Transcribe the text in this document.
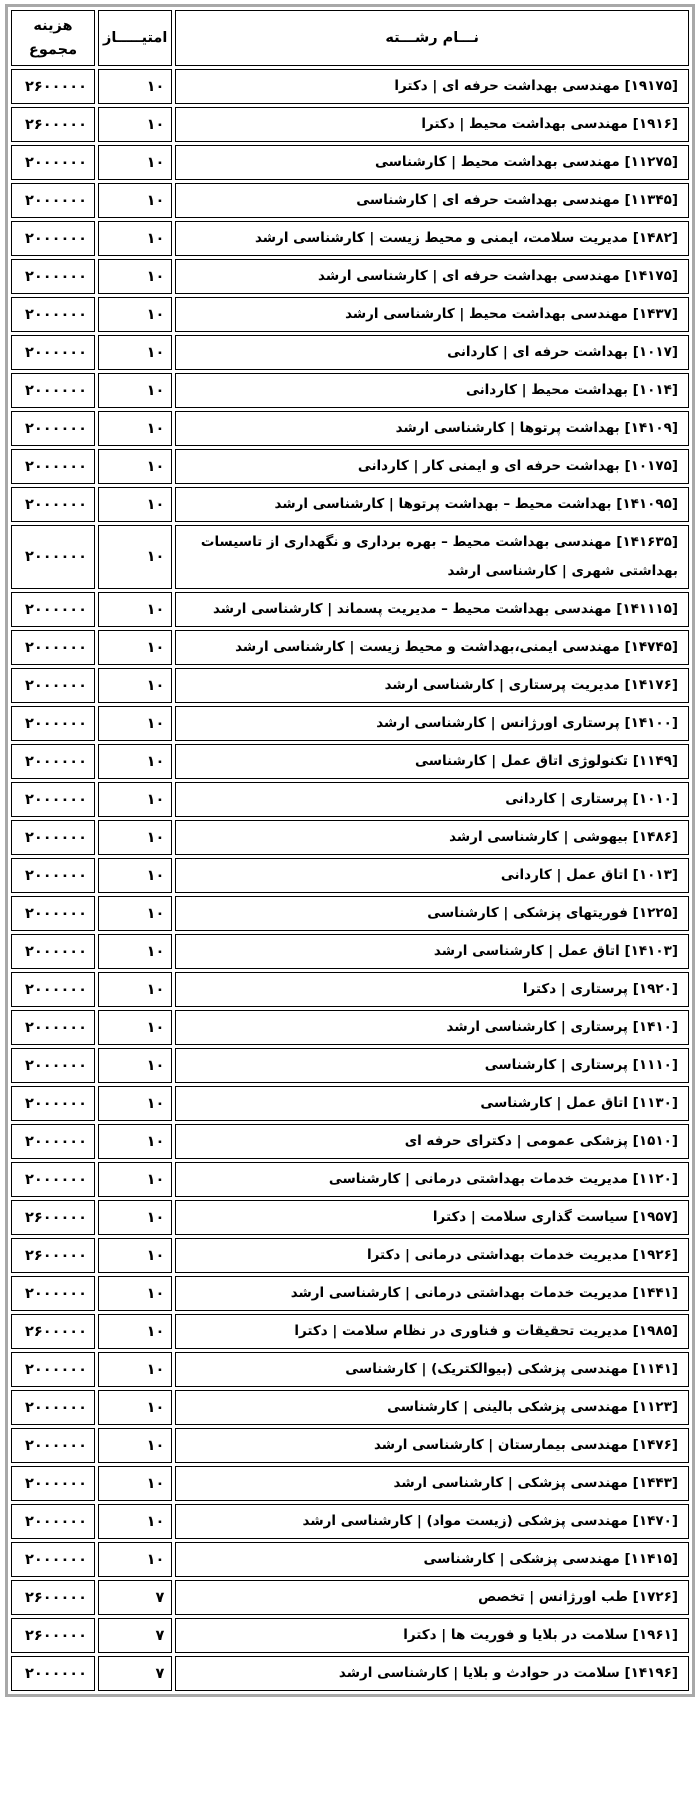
نـــام رشـــته	امتیـــــاز	هزینه
مجموع

[۱۹۱۷۵] مهندسی بهداشت حرفه ای | دکترا	۱۰	۲۶۰۰۰۰۰
[۱۹۱۶] مهندسی بهداشت محیط | دکترا	۱۰	۲۶۰۰۰۰۰
[۱۱۲۷۵] مهندسی بهداشت محیط | کارشناسی	۱۰	۲۰۰۰۰۰۰
[۱۱۳۴۵] مهندسی بهداشت حرفه ای | کارشناسی	۱۰	۲۰۰۰۰۰۰
[۱۴۸۲] مدیریت سلامت، ایمنی و محیط زیست | کارشناسی ارشد	۱۰	۲۰۰۰۰۰۰
[۱۴۱۷۵] مهندسی بهداشت حرفه ای | کارشناسی ارشد	۱۰	۲۰۰۰۰۰۰
[۱۴۳۷] مهندسی بهداشت محیط | کارشناسی ارشد	۱۰	۲۰۰۰۰۰۰
[۱۰۱۷] بهداشت حرفه ای | کاردانی	۱۰	۲۰۰۰۰۰۰
[۱۰۱۴] بهداشت محیط | کاردانی	۱۰	۲۰۰۰۰۰۰
[۱۴۱۰۹] بهداشت پرتوها | کارشناسی ارشد	۱۰	۲۰۰۰۰۰۰
[۱۰۱۷۵] بهداشت حرفه ای و ایمنی کار | کاردانی	۱۰	۲۰۰۰۰۰۰
[۱۴۱۰۹۵] بهداشت محیط – بهداشت پرتوها | کارشناسی ارشد	۱۰	۲۰۰۰۰۰۰
[۱۴۱۶۳۵] مهندسی بهداشت محیط – بهره برداری و نگهداری از تاسیسات بهداشتی شهری | کارشناسی ارشد	۱۰	۲۰۰۰۰۰۰
[۱۴۱۱۱۵] مهندسی بهداشت محیط – مدیریت پسماند | کارشناسی ارشد	۱۰	۲۰۰۰۰۰۰
[۱۴۷۴۵] مهندسی ایمنی،بهداشت و محیط زیست | کارشناسی ارشد	۱۰	۲۰۰۰۰۰۰
[۱۴۱۷۶] مدیریت پرستاری | کارشناسی ارشد	۱۰	۲۰۰۰۰۰۰
[۱۴۱۰۰] پرستاری اورژانس | کارشناسی ارشد	۱۰	۲۰۰۰۰۰۰
[۱۱۴۹] تکنولوژی اتاق عمل | کارشناسی	۱۰	۲۰۰۰۰۰۰
[۱۰۱۰] پرستاری | کاردانی	۱۰	۲۰۰۰۰۰۰
[۱۴۸۶] بیهوشی | کارشناسی ارشد	۱۰	۲۰۰۰۰۰۰
[۱۰۱۳] اتاق عمل | کاردانی	۱۰	۲۰۰۰۰۰۰
[۱۲۲۵] فوریتهای پزشکی | کارشناسی	۱۰	۲۰۰۰۰۰۰
[۱۴۱۰۳] اتاق عمل | کارشناسی ارشد	۱۰	۲۰۰۰۰۰۰
[۱۹۲۰] پرستاری | دکترا	۱۰	۲۰۰۰۰۰۰
[۱۴۱۰] پرستاری | کارشناسی ارشد	۱۰	۲۰۰۰۰۰۰
[۱۱۱۰] پرستاری | کارشناسی	۱۰	۲۰۰۰۰۰۰
[۱۱۳۰] اتاق عمل | کارشناسی	۱۰	۲۰۰۰۰۰۰
[۱۵۱۰] پزشکی عمومی | دکترای حرفه ای	۱۰	۲۰۰۰۰۰۰
[۱۱۲۰] مدیریت خدمات بهداشتی درمانی | کارشناسی	۱۰	۲۰۰۰۰۰۰
[۱۹۵۷] سیاست گذاری سلامت | دکترا	۱۰	۲۶۰۰۰۰۰
[۱۹۲۶] مدیریت خدمات بهداشتی درمانی | دکترا	۱۰	۲۶۰۰۰۰۰
[۱۴۴۱] مدیریت خدمات بهداشتی درمانی | کارشناسی ارشد	۱۰	۲۰۰۰۰۰۰
[۱۹۸۵] مدیریت تحقیقات و فناوری در نظام سلامت | دکترا	۱۰	۲۶۰۰۰۰۰
[۱۱۴۱] مهندسی پزشکی (بیوالکتریک) | کارشناسی	۱۰	۲۰۰۰۰۰۰
[۱۱۲۳] مهندسی پزشکی بالینی | کارشناسی	۱۰	۲۰۰۰۰۰۰
[۱۴۷۶] مهندسی بیمارستان | کارشناسی ارشد	۱۰	۲۰۰۰۰۰۰
[۱۴۴۳] مهندسی پزشکی | کارشناسی ارشد	۱۰	۲۰۰۰۰۰۰
[۱۴۷۰] مهندسی پزشکی (زیست مواد) | کارشناسی ارشد	۱۰	۲۰۰۰۰۰۰
[۱۱۴۱۵] مهندسی پزشکی | کارشناسی	۱۰	۲۰۰۰۰۰۰
[۱۷۲۶] طب اورژانس | تخصص	۷	۲۶۰۰۰۰۰
[۱۹۶۱] سلامت در بلایا و فوریت ها | دکترا	۷	۲۶۰۰۰۰۰
[۱۴۱۹۶] سلامت در حوادث و بلایا | کارشناسی ارشد	۷	۲۰۰۰۰۰۰
